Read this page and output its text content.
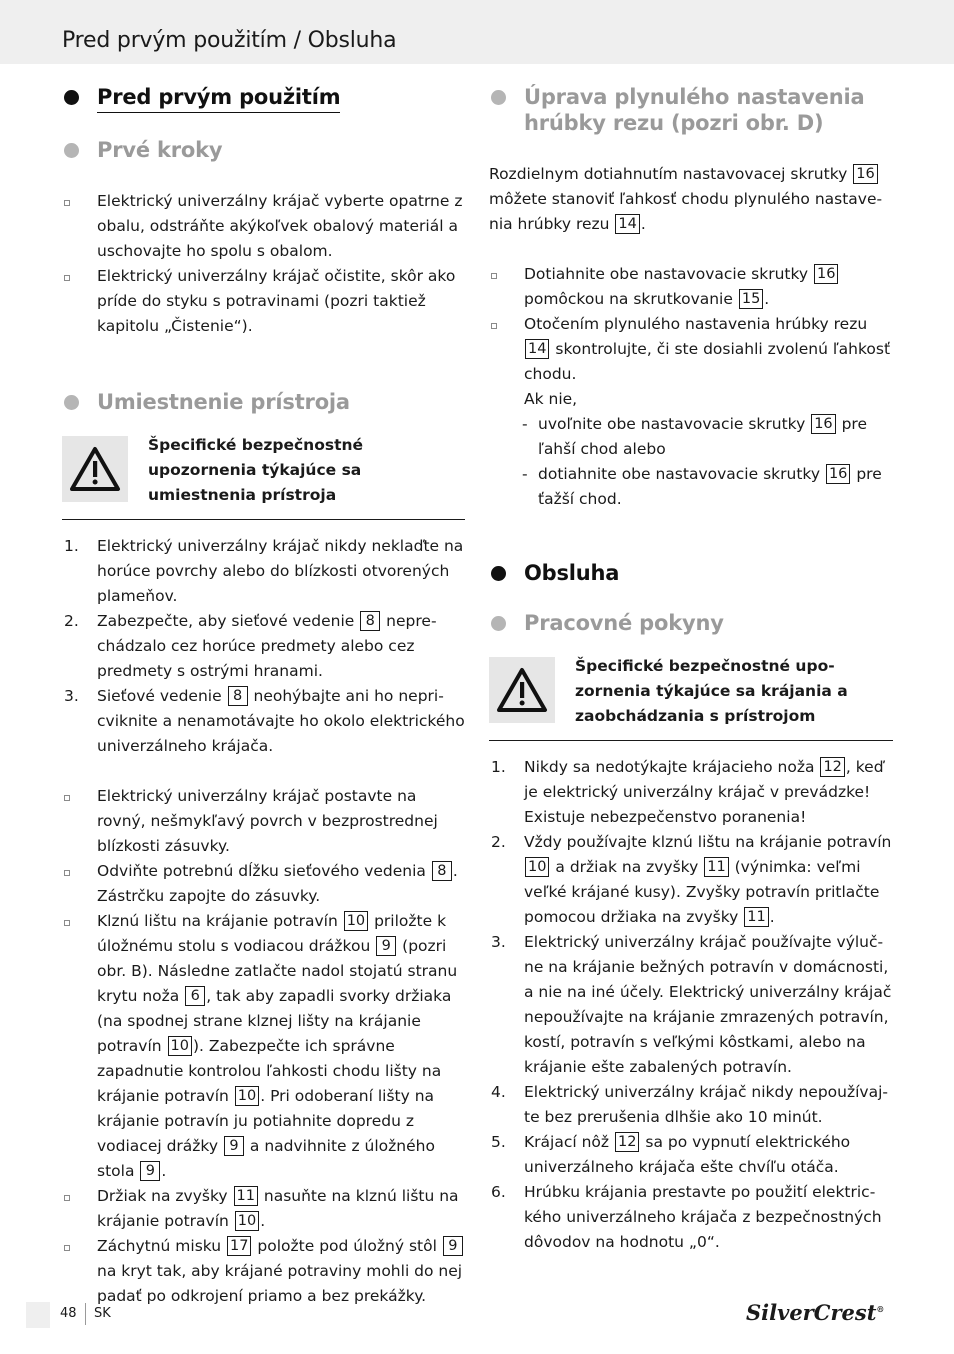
Pred prvým použitím / Obsluha
Pred prvým použitím
Prvé kroky
Elektrický univerzálny krájač vyberte opatrne z obalu, odstráňte akýkoľvek obalový materiál a uschovajte ho spolu s obalom.
Elektrický univerzálny krájač očistite, skôr ako príde do styku s potravinami (pozri taktiež kapitolu „Čistenie“).
Umiestnenie prístroja
Špecifické bezpečnostné upozornenia týkajúce sa umiestnenia prístroja
1. Elektrický univerzálny krájač nikdy neklaďte na horúce povrchy alebo do blízkosti otvorených plameňov.
2. Zabezpečte, aby sieťové vedenie 8 neprechádzalo cez horúce predmety alebo cez predmety s ostrými hranami.
3. Sieťové vedenie 8 neohýbajte ani ho nepricviknite a nenamotávajte ho okolo elektrického univerzálneho krájača.
Elektrický univerzálny krájač postavte na rovný, nešmykľavý povrch v bezprostrednej blízkosti zásuvky.
Odviňte potrebnú dĺžku sieťového vedenia 8 . Zástrčku zapojte do zásuvky.
Klznú lištu na krájanie potravín 10 priložte k úložnému stolu s vodiacou drážkou 9 (pozri obr. B). Následne zatlačte nadol stojatú stranu krytu noža 6 , tak aby zapadli svorky držiaka (na spodnej strane klznej lišty na krájanie potravín 10 ). Zabezpečte ich správne zapadnutie kontrolou ľahkosti chodu lišty na krájanie potravín 10 . Pri odoberaní lišty na krájanie potravín ju potiahnite dopredu z vodiacej drážky 9 a nadvihnite z úložného stola 9 .
Držiak na zvyšky 11 nasuňte na klznú lištu na krájanie potravín 10 .
Záchytnú misku 17 položte pod úložný stôl 9 na kryt tak, aby krájané potraviny mohli do nej padať po odkrojení priamo a bez prekážky.
Úprava plynulého nastavenia hrúbky rezu (pozri obr. D)
Rozdielnym dotiahnutím nastavovacej skrutky 16 môžete stanoviť ľahkosť chodu plynulého nastavenia hrúbky rezu 14 .
Dotiahnite obe nastavovacie skrutky 16 pomôckou na skrutkovanie 15 .
Otočením plynulého nastavenia hrúbky rezu 14 skontrolujte, či ste dosiahli zvolenú ľahkosť chodu.
Ak nie,
- uvoľnite obe nastavovacie skrutky 16 pre ľahší chod alebo
- dotiahnite obe nastavovacie skrutky 16 pre ťažší chod.
Obsluha
Pracovné pokyny
Špecifické bezpečnostné upozornenia týkajúce sa krájania a zaobchádzania s prístrojom
1. Nikdy sa nedotýkajte krájacieho noža 12 , keď je elektrický univerzálny krájač v prevádzke! Existuje nebezpečenstvo poranenia!
2. Vždy používajte klznú lištu na krájanie potravín 10 a držiak na zvyšky 11 (výnimka: veľmi veľké krájané kusy). Zvyšky potravín pritlačte pomocou držiaka na zvyšky 11 .
3. Elektrický univerzálny krájač používajte výlučne na krájanie bežných potravín v domácnosti, a nie na iné účely. Elektrický univerzálny krájač nepoužívajte na krájanie zmrazených potravín, kostí, potravín s veľkými kôstkami, alebo na krájanie ešte zabalených potravín.
4. Elektrický univerzálny krájač nikdy nepoužívajte bez prerušenia dlhšie ako 10 minút.
5. Krájací nôž 12 sa po vypnutí elektrického univerzálneho krájača ešte chvíľu otáča.
6. Hrúbku krájania prestavte po použití elektrického univerzálneho krájača z bezpečnostných dôvodov na hodnotu „0“.
48 SK	SilverCrest®
